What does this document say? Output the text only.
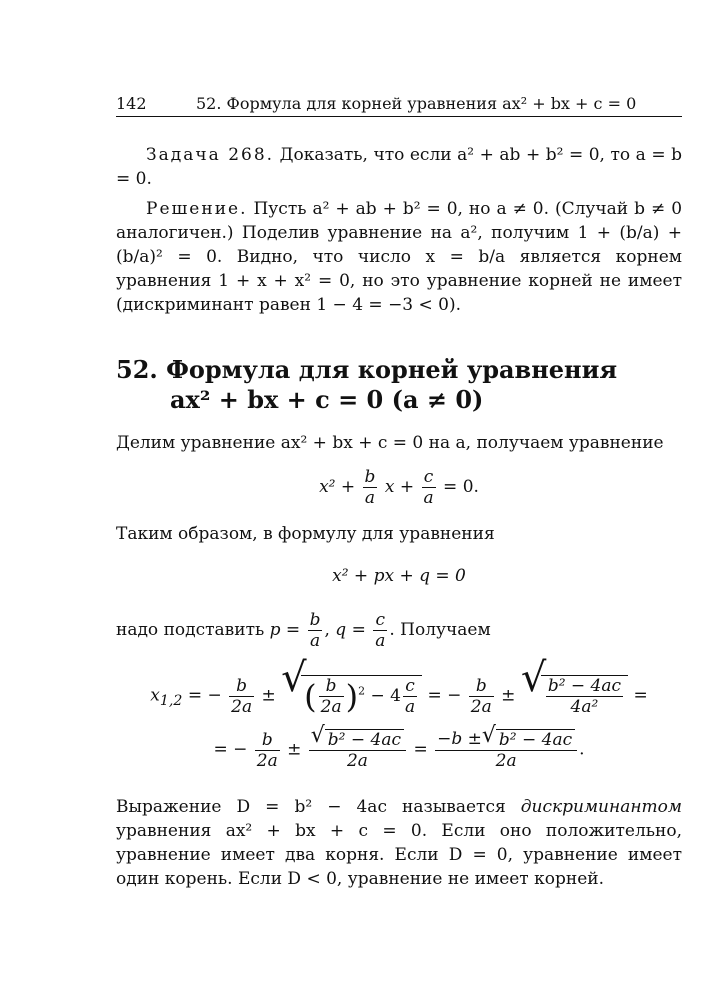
142	52. Формула для корней уравнения ax² + bx + c = 0

Задача 268. Доказать, что если a² + ab + b² = 0, то a = b = 0.

Решение. Пусть a² + ab + b² = 0, но a ≠ 0. (Случай b ≠ 0 аналогичен.) Поделив уравнение на a², получим 1 + (b/a) + (b/a)² = 0. Видно, что число x = b/a является корнем уравнения 1 + x + x² = 0, но это уравнение корней не имеет (дискриминант равен 1 − 4 = −3 < 0).

52. Формула для корней уравнения
ax² + bx + c = 0 (a ≠ 0)

Делим уравнение ax² + bx + c = 0 на a, получаем уравнение

$x^2 + \frac{b}{a}$ $x + \frac{c}{a} = 0$.

Таким образом, в формулу для уравнения

x² + px + q = 0

надо подставить $p = \frac{b}{a}$ , $q = \frac{c}{a}$ . Получаем

$x_{1,2}$ = − $\frac{b}{2a}$ ± √ ( $\frac{b}{2a} )^2 - 4 \frac{c}{a}$ = − $\frac{b}{2a}$ ± √ $\frac{\text{b² − 4ac}}{\text{4a²}}$ =
= − $\frac{b}{2a}$ ± √ $\frac{\text{b² − 4ac}}{2a} = \frac{\text{−b ± √ b² − 4ac}}{2a}$ .

Выражение D = b² − 4ac называется дискриминантом уравнения ax² + bx + c = 0. Если оно положительно, уравнение имеет два корня. Если D = 0, уравнение имеет один корень. Если D < 0, уравнение не имеет корней.
